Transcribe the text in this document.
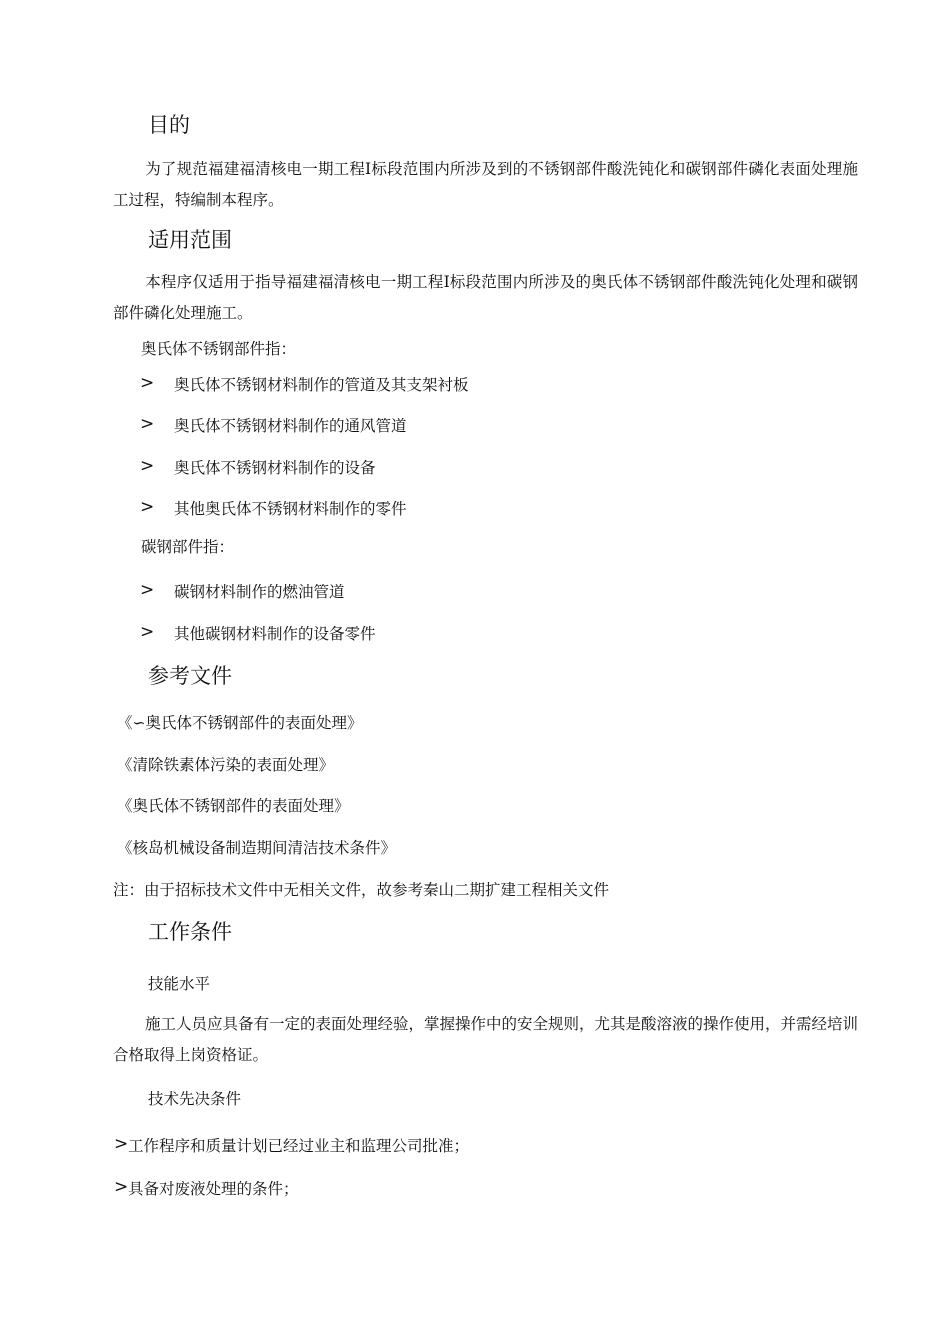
目的
为了规范福建福清核电一期工程Ⅰ标段范围内所涉及到的不锈钢部件酸洗钝化和碳钢部件磷化表面处理施工过程，特编制本程序。
适用范围
本程序仅适用于指导福建福清核电一期工程Ⅰ标段范围内所涉及的奥氏体不锈钢部件酸洗钝化处理和碳钢部件磷化处理施工。
奥氏体不锈钢部件指：
> 奥氏体不锈钢材料制作的管道及其支架衬板
> 奥氏体不锈钢材料制作的通风管道
> 奥氏体不锈钢材料制作的设备
> 其他奥氏体不锈钢材料制作的零件
碳钢部件指：
> 碳钢材料制作的燃油管道
> 其他碳钢材料制作的设备零件
参考文件
《∽奥氏体不锈钢部件的表面处理》
《清除铁素体污染的表面处理》
《奥氏体不锈钢部件的表面处理》
《核岛机械设备制造期间清洁技术条件》
注：由于招标技术文件中无相关文件，故参考秦山二期扩建工程相关文件
工作条件
技能水平
施工人员应具备有一定的表面处理经验，掌握操作中的安全规则，尤其是酸溶液的操作使用，并需经培训合格取得上岗资格证。
技术先决条件
> 工作程序和质量计划已经过业主和监理公司批准；
> 具备对废液处理的条件；
